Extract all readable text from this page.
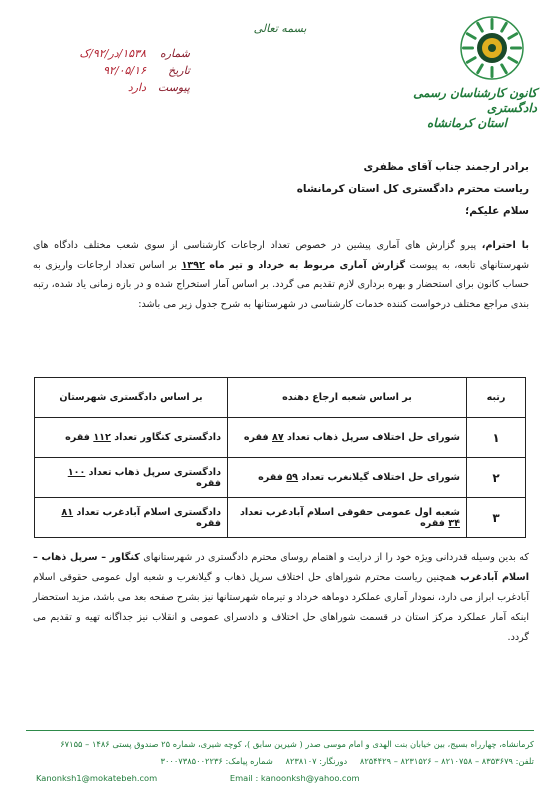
کانون کارشناسان رسمی دادگستری
استان کرمانشاه
بسمه تعالی
شماره
۱۵۳۸/در/۹۲/ک
تاریخ
۹۲/۰۵/۱۶
پیوست
دارد
برادر ارجمند جناب آقای مظفری
ریاست محترم دادگستری کل استان کرمانشاه
سلام علیکم؛
با احترام، پیرو گزارش های آماری پیشین در خصوص تعداد ارجاعات کارشناسی از سوی شعب مختلف دادگاه های شهرستانهای تابعه، به پیوست گزارش آماری مربوط به خرداد و تیر ماه ۱۳۹۲ بر اساس تعداد ارجاعات واریزی به حساب کانون برای استحضار و بهره برداری لازم تقدیم می گردد. بر اساس آمار استخراج شده و در بازه زمانی یاد شده، رتبه بندی مراجع مختلف درخواست کننده خدمات کارشناسی در شهرستانها به شرح جدول زیر می باشد:
رتبه	بر اساس شعبه ارجاع دهنده	بر اساس دادگستری شهرستان
۱	شورای حل اختلاف سرپل ذهاب تعداد ۸۷ فقره	دادگستری کنگاور تعداد ۱۱۲ فقره
۲	شورای حل اختلاف گیلانغرب تعداد ۵۹ فقره	دادگستری سرپل ذهاب تعداد ۱۰۰ فقره
۳	شعبه اول عمومی حقوقی اسلام آبادغرب تعداد ۳۴ فقره	دادگستری اسلام آبادغرب تعداد ۸۱ فقره
که بدین وسیله قدردانی ویژه خود را از درایت و اهتمام روسای محترم دادگستری در شهرستانهای کنگاور – سرپل ذهاب –اسلام آبادغرب همچنین ریاست محترم شوراهای حل اختلاف سرپل ذهاب و گیلانغرب و شعبه اول عمومی حقوقی اسلام آبادغرب ابراز می دارد، نمودار آماری عملکرد دوماهه خرداد و تیرماه شهرستانها نیز بشرح صفحه بعد می باشد، مزید استحضار اینکه آمار عملکرد مرکز استان در قسمت شوراهای حل اختلاف و دادسرای عمومی و انقلاب نیز جداگانه تهیه و تقدیم می گردد.
کرمانشاه، چهارراه بسیج، بین خیابان بنت الهدی و امام موسی صدر ( شیرین سابق )، کوچه شیری، شماره ۲۵ صندوق پستی ۱۴۸۶ – ۶۷۱۵۵
تلفن: ۸۳۵۳۶۷۹ – ۸۲۱۰۷۵۸ – ۸۲۳۱۵۲۶ – ۸۲۵۴۴۲۹ دورنگار: ۸۲۳۸۱۰۷ شماره پیامک: ۳۰۰۰۷۳۸۵۰۰۲۲۳۶
Kanonksh1@mokatebeh.com	Email : kanoonksh@yahoo.com
